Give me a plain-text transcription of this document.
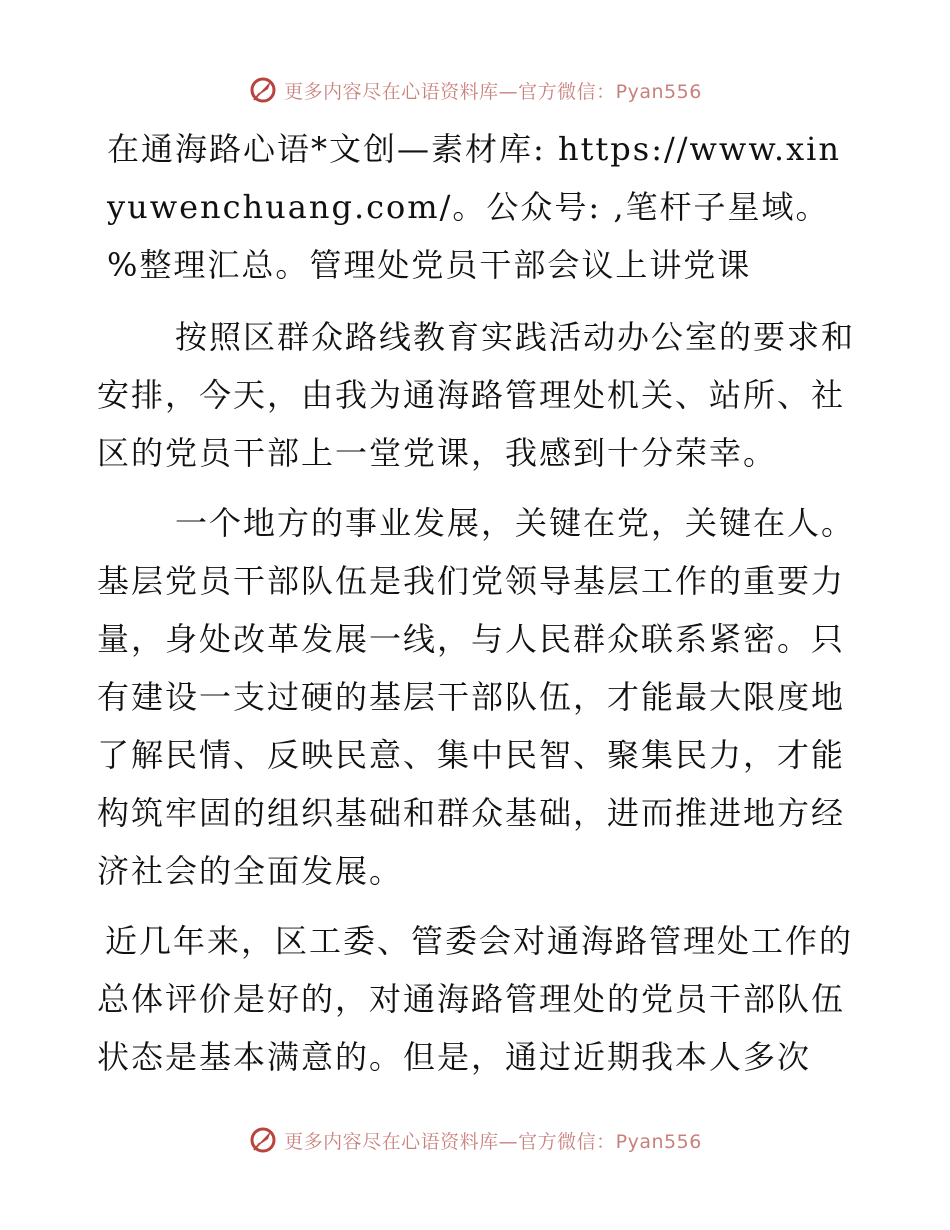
更多内容尽在心语资料库—官方微信：Pyan556

在通海路心语*文创—素材库: https://www.xinyuwenchuang.com/。公众号: ,笔杆子星域。%整理汇总。管理处党员干部会议上讲党课

按照区群众路线教育实践活动办公室的要求和安排，今天，由我为通海路管理处机关、站所、社区的党员干部上一堂党课，我感到十分荣幸。

一个地方的事业发展，关键在党，关键在人。基层党员干部队伍是我们党领导基层工作的重要力量，身处改革发展一线，与人民群众联系紧密。只有建设一支过硬的基层干部队伍，才能最大限度地了解民情、反映民意、集中民智、聚集民力，才能构筑牢固的组织基础和群众基础，进而推进地方经济社会的全面发展。

近几年来，区工委、管委会对通海路管理处工作的总体评价是好的，对通海路管理处的党员干部队伍状态是基本满意的。但是，通过近期我本人多次

更多内容尽在心语资料库—官方微信：Pyan556
